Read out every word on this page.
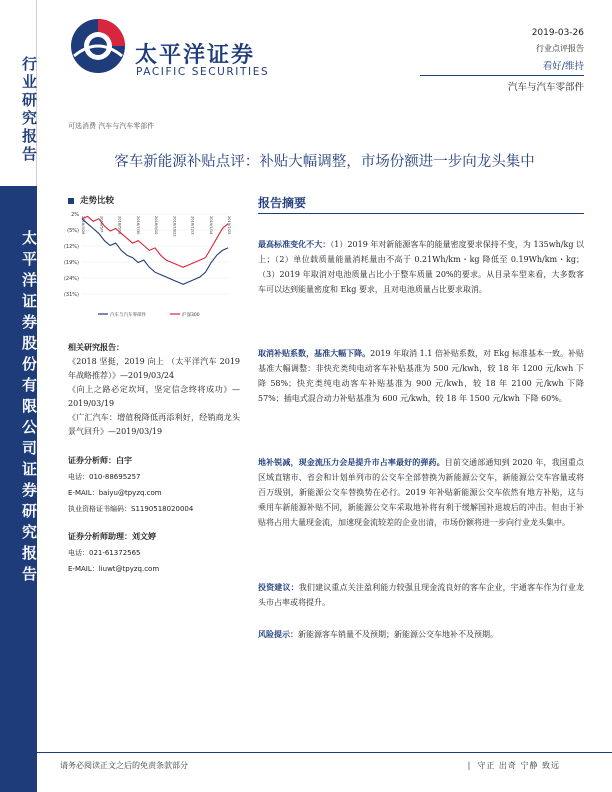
行业研究报告
太平洋证券股份有限公司证券研究报告
太平洋证券
PACIFIC SECURITIES
2019-03-26
行业点评报告
看好/维持
汽车与汽车零部件
可选消费 汽车与汽车零部件
客车新能源补贴点评：补贴大幅调整，市场份额进一步向龙头集中
走势比较
2%
(5%)
(12%)
(19%)
(24%)
(31%)
2018/3/26	2018/5/7	2018/6/18	2018/7/30	2018/9/10	2018/10/22	2018/12/3	2019/1/14	2019/2/25
汽车与汽车零部件	沪深300
报告摘要
相关研究报告：
《2018 坚挺，2019 向上 （太平洋汽车 2019 年战略推荐）》—2019/03/24
《向上之路必定坎坷，坚定信念终将成功》—2019/03/19
《广汇汽车：增值税降低再添利好，经销商龙头景气回升》—2019/03/19
证券分析师：白宇
电话：010-88695257
E-MAIL：baiyu@tpyzq.com
执业资格证书编码：S1190518020004
证券分析师助理：刘文婷
电话：021-61372565
E-MAIL：liuwt@tpyzq.com
最高标准变化不大：（1）2019 年对新能源客车的能量密度要求保持不变，为 135wh/kg 以上；（2）单位载质量能量消耗量由不高于 0.21Wh/km・kg 降低至 0.19Wh/km・kg；（3）2019 年取消对电池质量占比小于整车质量 20%的要求。从目录车型来看，大多数客车可以达到能量密度和 Ekg 要求，且对电池质量占比要求取消。
取消补贴系数，基准大幅下降。2019 年取消 1.1 倍补贴系数，对 Ekg 标准基本一致。补贴基准大幅调整：非快充类纯电动客车补贴基准为 500 元/kwh，较 18 年 1200 元/kwh 下降 58%；快充类纯电动客车补贴基准为 900 元/kwh，较 18 年 2100 元/kwh 下降 57%；插电式混合动力补贴基准为 600 元/kwh，较 18 年 1500 元/kwh 下降 60%。
地补锐减，现金流压力会是提升市占率最好的弹药。目前交通部通知到 2020 年，我国重点区域直辖市、省会和计划单列市的公交车全部替换为新能源公交车，新能源公交车容量或将百万级别，新能源公交车替换势在必行。2019 年补贴新能源公交车依然有地方补贴，这与乘用车新能源补贴不同，新能源公交车采取地补将有利于缓解国补退坡后的冲击。但由于补贴将占用大量现金流，加速现金流较差的企业出清，市场份额将进一步向行业龙头集中。
投资建议：我们建议重点关注盈利能力较强且现金流良好的客车企业，宇通客车作为行业龙头市占率或将提升。
风险提示：新能源客车销量不及预期；新能源公交车地补不及预期。
请务必阅读正文之后的免责条款部分	| 守正 出奇 宁静 致远
